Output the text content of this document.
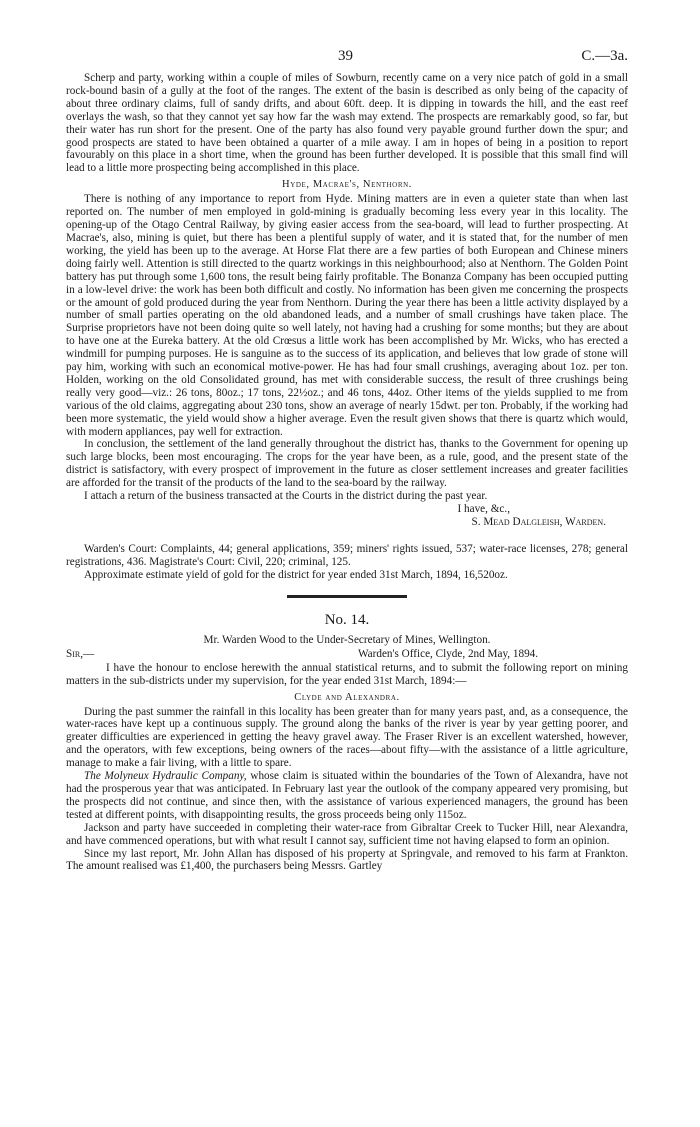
39	C.—3a.

Scherp and party, working within a couple of miles of Sowburn, recently came on a very nice patch of gold in a small rock-bound basin of a gully at the foot of the ranges. The extent of the basin is described as only being of the capacity of about three ordinary claims, full of sandy drifts, and about 60ft. deep. It is dipping in towards the hill, and the east reef overlays the wash, so that they cannot yet say how far the wash may extend. The prospects are remarkably good, so far, but their water has run short for the present. One of the party has also found very payable ground further down the spur; and good prospects are stated to have been obtained a quarter of a mile away. I am in hopes of being in a position to report favourably on this place in a short time, when the ground has been further developed. It is possible that this small find will lead to a little more prospecting being accomplished in this place.

Hyde, Macrae's, Nenthorn.

There is nothing of any importance to report from Hyde. Mining matters are in even a quieter state than when last reported on. The number of men employed in gold-mining is gradually becoming less every year in this locality. The opening-up of the Otago Central Railway, by giving easier access from the sea-board, will lead to further prospecting. At Macrae's, also, mining is quiet, but there has been a plentiful supply of water, and it is stated that, for the number of men working, the yield has been up to the average. At Horse Flat there are a few parties of both European and Chinese miners doing fairly well. Attention is still directed to the quartz workings in this neighbourhood; also at Nenthorn. The Golden Point battery has put through some 1,600 tons, the result being fairly profitable. The Bonanza Company has been occupied putting in a low-level drive: the work has been both difficult and costly. No information has been given me concerning the prospects or the amount of gold produced during the year from Nenthorn. During the year there has been a little activity displayed by a number of small parties operating on the old abandoned leads, and a number of small crushings have taken place. The Surprise proprietors have not been doing quite so well lately, not having had a crushing for some months; but they are about to have one at the Eureka battery. At the old Crœsus a little work has been accomplished by Mr. Wicks, who has erected a windmill for pumping purposes. He is sanguine as to the success of its application, and believes that low grade of stone will pay him, working with such an economical motive-power. He has had four small crushings, averaging about 1oz. per ton. Holden, working on the old Consolidated ground, has met with considerable success, the result of three crushings being really very good—viz.: 26 tons, 80oz.; 17 tons, 22½oz.; and 46 tons, 44oz. Other items of the yields supplied to me from various of the old claims, aggregating about 230 tons, show an average of nearly 15dwt. per ton. Probably, if the working had been more systematic, the yield would show a higher average. Even the result given shows that there is quartz which would, with modern appliances, pay well for extraction.

In conclusion, the settlement of the land generally throughout the district has, thanks to the Government for opening up such large blocks, been most encouraging. The crops for the year have been, as a rule, good, and the present state of the district is satisfactory, with every prospect of improvement in the future as closer settlement increases and greater facilities are afforded for the transit of the products of the land to the sea-board by the railway.

I attach a return of the business transacted at the Courts in the district during the past year.

I have, &c.,
S. Mead Dalgleish, Warden.

Warden's Court: Complaints, 44; general applications, 359; miners' rights issued, 537; water-race licenses, 278; general registrations, 436. Magistrate's Court: Civil, 220; criminal, 125.

Approximate estimate yield of gold for the district for year ended 31st March, 1894, 16,520oz.

No. 14.
Mr. Warden Wood to the Under-Secretary of Mines, Wellington.
Sir,—	Warden's Office, Clyde, 2nd May, 1894.

I have the honour to enclose herewith the annual statistical returns, and to submit the following report on mining matters in the sub-districts under my supervision, for the year ended 31st March, 1894:—

Clyde and Alexandra.

During the past summer the rainfall in this locality has been greater than for many years past, and, as a consequence, the water-races have kept up a continuous supply. The ground along the banks of the river is year by year getting poorer, and greater difficulties are experienced in getting the heavy gravel away. The Fraser River is an excellent watershed, however, and the operators, with few exceptions, being owners of the races—about fifty—with the assistance of a little agriculture, manage to make a fair living, with a little to spare.

The Molyneux Hydraulic Company, whose claim is situated within the boundaries of the Town of Alexandra, have not had the prosperous year that was anticipated. In February last year the outlook of the company appeared very promising, but the prospects did not continue, and since then, with the assistance of various experienced managers, the ground has been tested at different points, with disappointing results, the gross proceeds being only 115oz.

Jackson and party have succeeded in completing their water-race from Gibraltar Creek to Tucker Hill, near Alexandra, and have commenced operations, but with what result I cannot say, sufficient time not having elapsed to form an opinion.

Since my last report, Mr. John Allan has disposed of his property at Springvale, and removed to his farm at Frankton. The amount realised was £1,400, the purchasers being Messrs. Gartley
